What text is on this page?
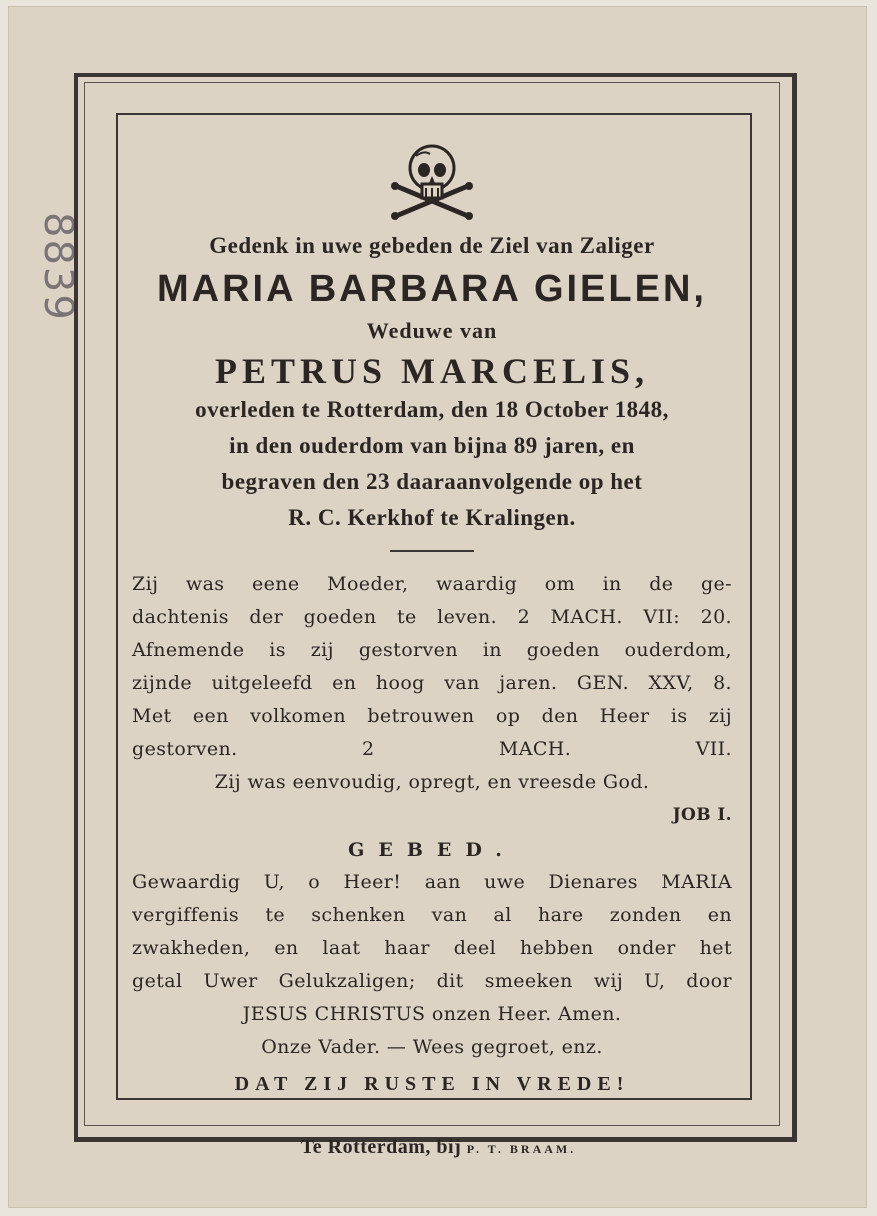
8839	Gedenk in uwe gebeden de Ziel van Zaliger
MARIA BARBARA GIELEN,
Weduwe van
PETRUS MARCELIS,
overleden te Rotterdam, den 18 October 1848,
in den ouderdom van bijna 89 jaren, en
begraven den 23 daaraanvolgende op het
R. C. Kerkhof te Kralingen.
Zij was eene Moeder, waardig om in de ge-
dachtenis der goeden te leven. 2 MACH. VII: 20.
Afnemende is zij gestorven in goeden ouderdom,
zijnde uitgeleefd en hoog van jaren. GEN. XXV, 8.
Met een volkomen betrouwen op den Heer is zij
gestorven. 2 MACH. VII.
Zij was eenvoudig, opregt, en vreesde God.
JOB I.
GEBED.
Gewaardig U, o Heer! aan uwe Dienares MARIA
vergiffenis te schenken van al hare zonden en
zwakheden, en laat haar deel hebben onder het
getal Uwer Gelukzaligen; dit smeeken wij U, door
JESUS CHRISTUS onzen Heer. Amen.
Onze Vader. — Wees gegroet, enz.
DAT ZIJ RUSTE IN VREDE!
Te Rotterdam, bij P. T. BRAAM.
